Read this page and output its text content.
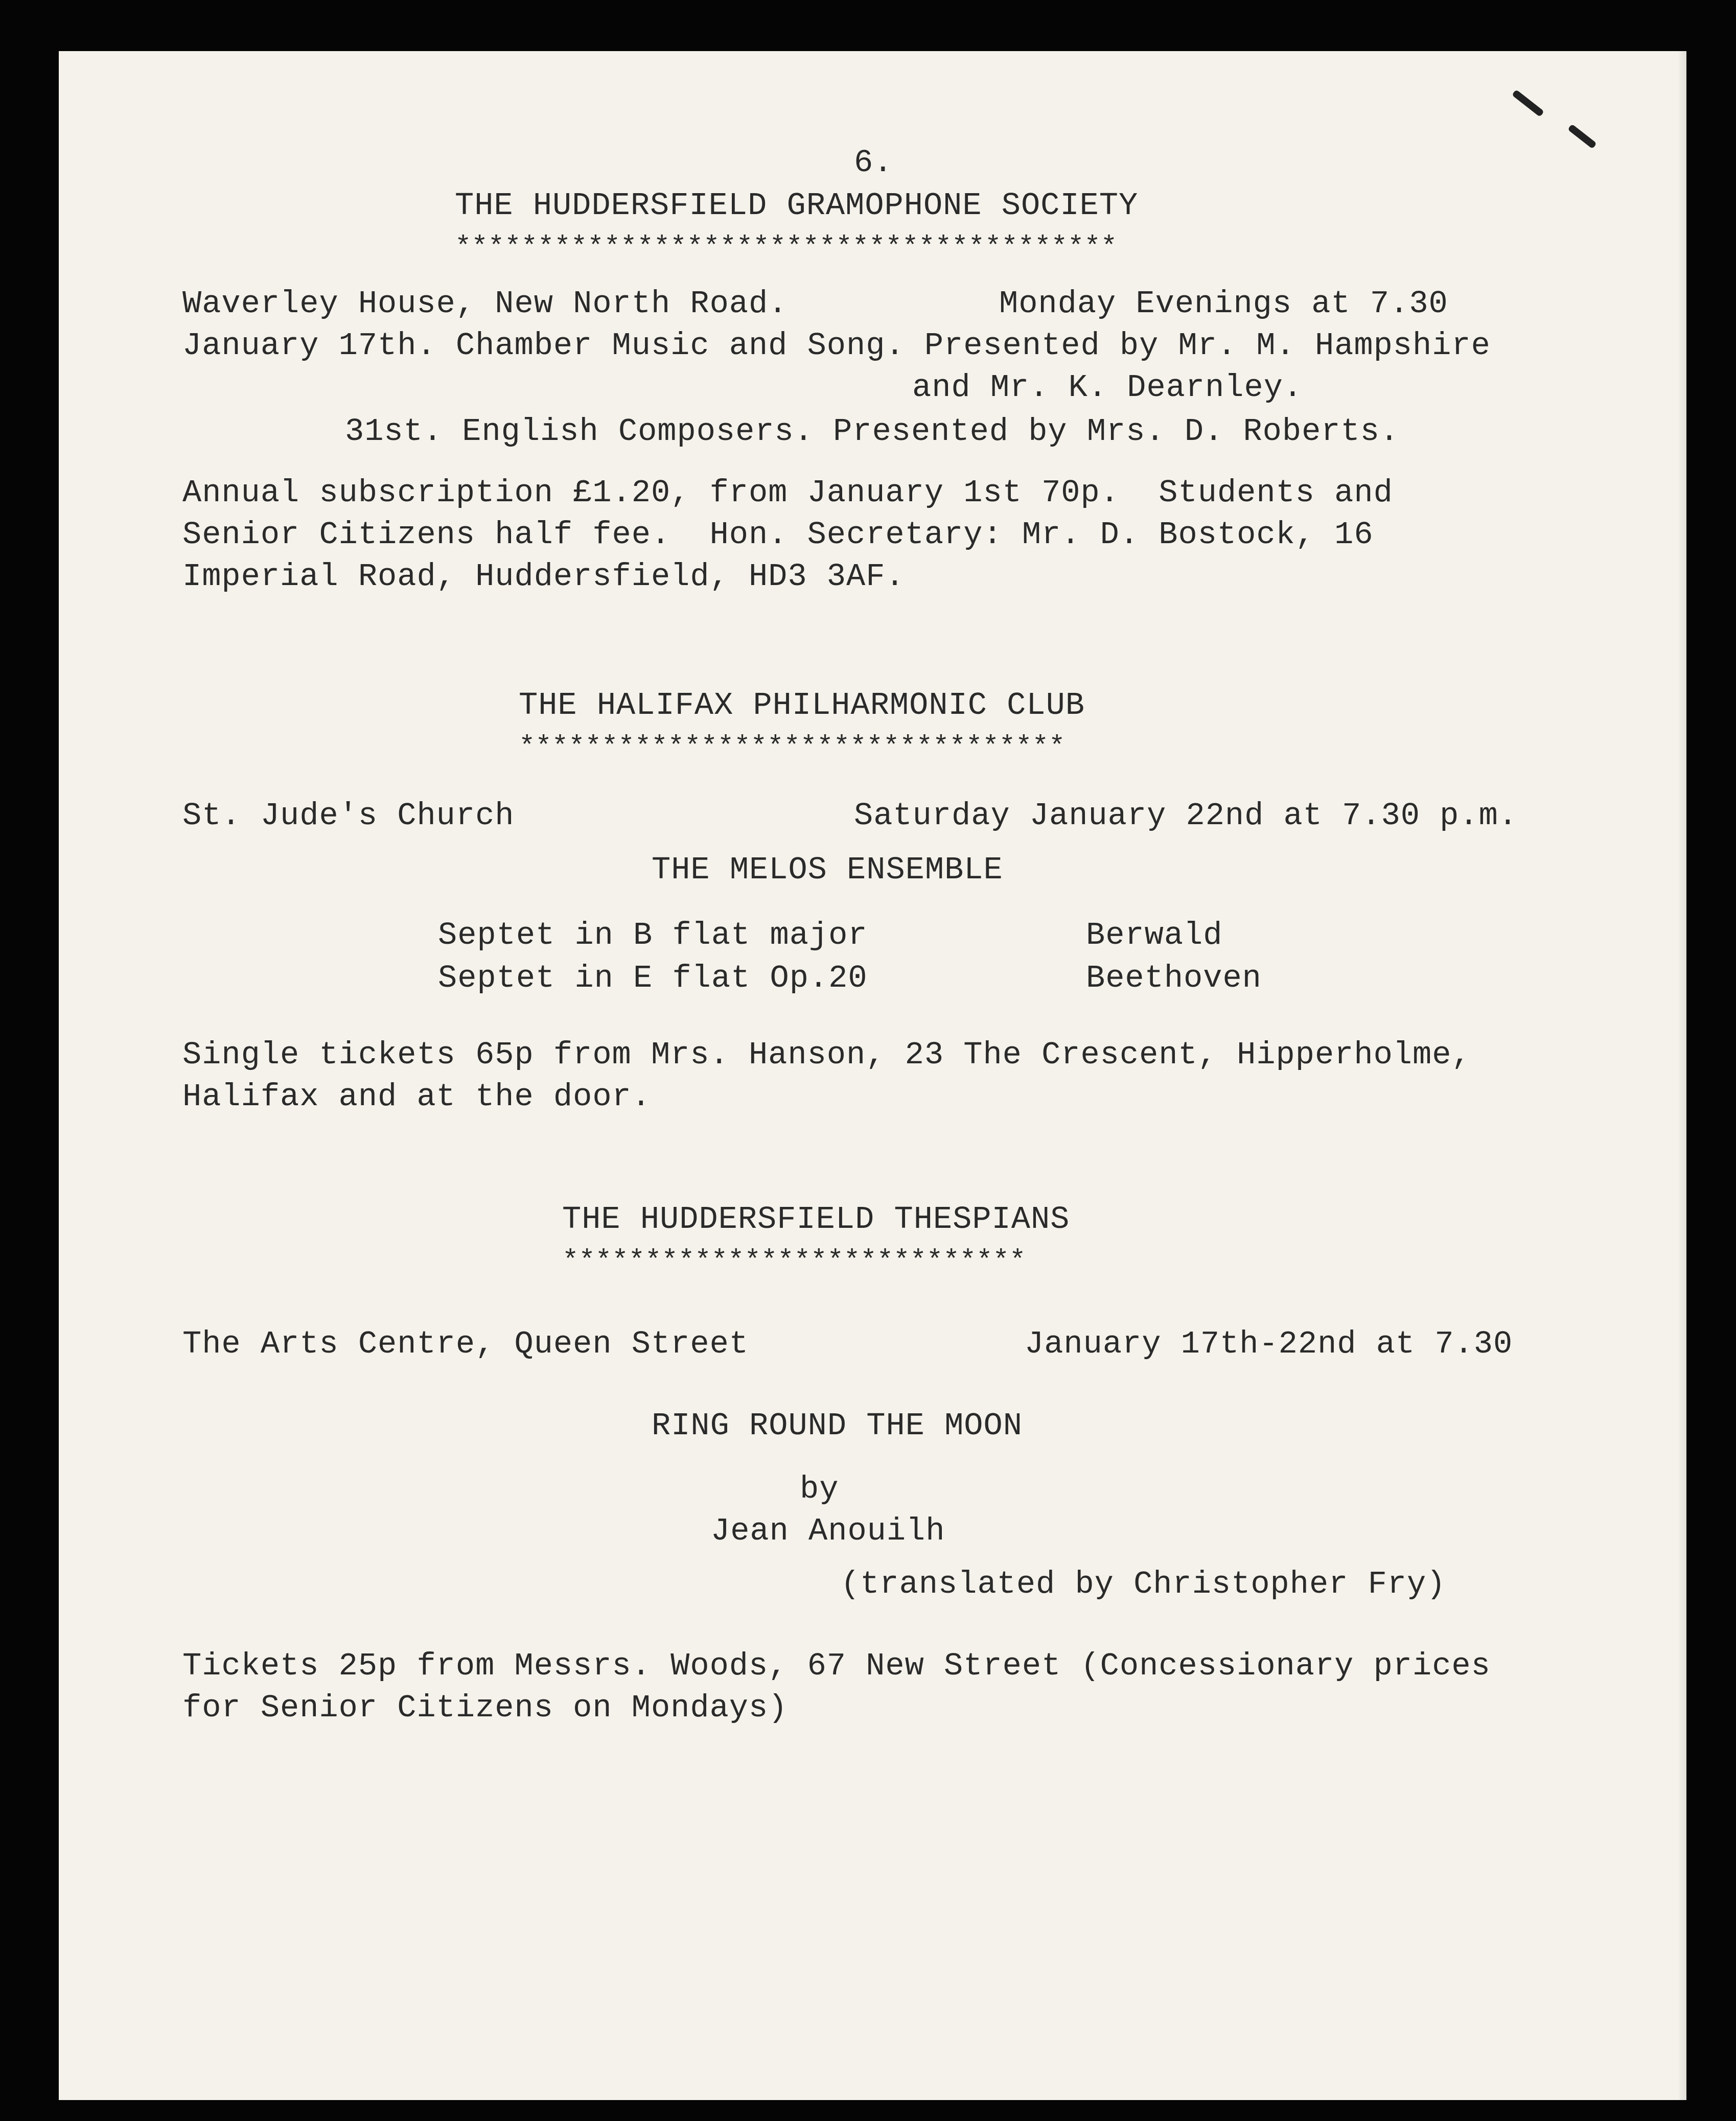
6.
THE HUDDERSFIELD GRAMOPHONE SOCIETY
****************************************
Waverley House, New North Road.	Monday Evenings at 7.30
January 17th. Chamber Music and Song. Presented by Mr. M. Hampshire
and Mr. K. Dearnley.
31st. English Composers. Presented by Mrs. D. Roberts.
Annual subscription £1.20, from January 1st 70p.  Students and
Senior Citizens half fee.  Hon. Secretary: Mr. D. Bostock, 16
Imperial Road, Huddersfield, HD3 3AF.
THE HALIFAX PHILHARMONIC CLUB
*********************************
St. Jude's Church	Saturday January 22nd at 7.30 p.m.
THE MELOS ENSEMBLE
Septet in B flat major	Berwald
Septet in E flat Op.20	Beethoven
Single tickets 65p from Mrs. Hanson, 23 The Crescent, Hipperholme,
Halifax and at the door.
THE HUDDERSFIELD THESPIANS
****************************
The Arts Centre, Queen Street	January 17th-22nd at 7.30
RING ROUND THE MOON
by
Jean Anouilh
(translated by Christopher Fry)
Tickets 25p from Messrs. Woods, 67 New Street (Concessionary prices
for Senior Citizens on Mondays)
